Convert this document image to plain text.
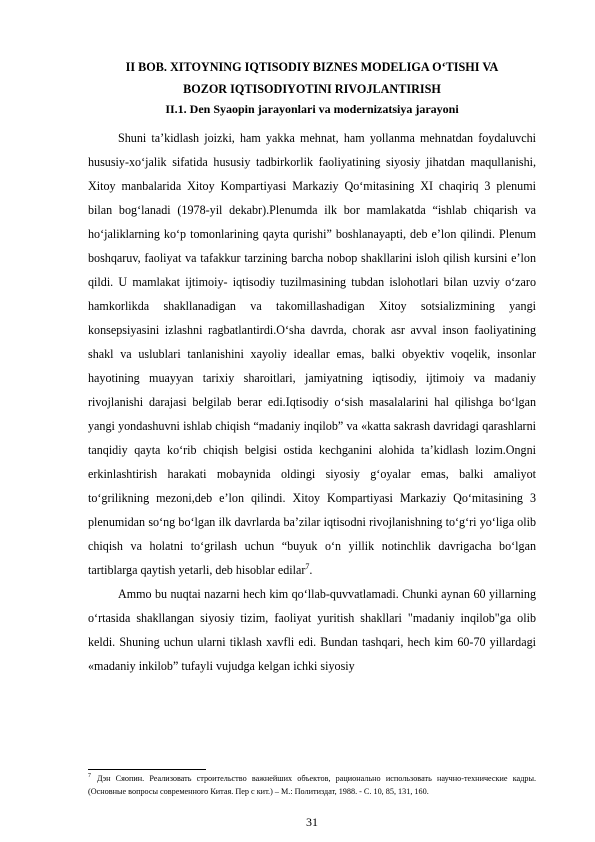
II BOB. XITOYNING IQTISODIY BIZNES MODELIGA O‘TISHI VA
BOZOR IQTISODIYOTINI RIVOJLANTIRISH
II.1. Den Syaopin jarayonlari va modernizatsiya jarayoni

Shuni taʼkidlash joizki, ham yakka mehnat, ham yollanma mehnatdan foydaluvchi hususiy-xoʻjalik sifatida hususiy tadbirkorlik faoliyatining siyosiy jihatdan maqullanishi, Xitoy manbalarida Xitoy Kompartiyasi Markaziy Qoʻmitasining XI chaqiriq 3 plenumi bilan bogʻlanadi (1978-yil dekabr).Plenumda ilk bor mamlakatda “ishlab chiqarish va hoʻjaliklarning koʻp tomonlarining qayta qurishi” boshlanayapti, deb eʼlon qilindi. Plenum boshqaruv, faoliyat va tafakkur tarzining barcha nobop shakllarini isloh qilish kursini eʼlon qildi. U mamlakat ijtimoiy- iqtisodiy tuzilmasining tubdan islohotlari bilan uzviy oʻzaro hamkorlikda shakllanadigan va takomillashadigan Xitoy sotsializmining yangi konsepsiyasini izlashni ragbatlantirdi.Oʻsha davrda, chorak asr avval inson faoliyatining shakl va uslublari tanlanishini xayoliy ideallar emas, balki obyektiv voqelik, insonlar hayotining muayyan tarixiy sharoitlari, jamiyatning iqtisodiy, ijtimoiy va madaniy rivojlanishi darajasi belgilab berar edi.Iqtisodiy oʻsish masalalarini hal qilishga boʻlgan yangi yondashuvni ishlab chiqish “madaniy inqilob” va «katta sakrash davridagi qarashlarni tanqidiy qayta koʻrib chiqish belgisi ostida kechganini alohida taʼkidlash lozim.Ongni erkinlashtirish harakati mobaynida oldingi siyosiy gʻoyalar emas, balki amaliyot toʻgrilikning mezoni,deb eʼlon qilindi. Xitoy Kompartiyasi Markaziy Qoʻmitasining 3 plenumidan soʻng boʻlgan ilk davrlarda baʼzilar iqtisodni rivojlanishning toʻgʻri yoʻliga olib chiqish va holatni toʻgrilash uchun “buyuk oʻn yillik notinchlik davrigacha boʻlgan tartiblarga qaytish yetarli, deb hisoblar edilar$^7$.

Ammo bu nuqtai nazarni hech kim qoʻllab-quvvatlamadi. Chunki aynan 60 yillarning oʻrtasida shakllangan siyosiy tizim, faoliyat yuritish shakllari "madaniy inqilob"ga olib keldi. Shuning uchun ularni tiklash xavfli edi. Bundan tashqari, hech kim 60-70 yillardagi «madaniy inkilob” tufayli vujudga kelgan ichki siyosiy

$^7$ Дэн Сяопин. Реализовать строительство важнейших объектов, рационально использовать научно-технические кадры. (Основные вопросы современного Китая. Пер с кит.) – М.: Политиздат, 1988. - С. 10, 85, 131, 160.

31
